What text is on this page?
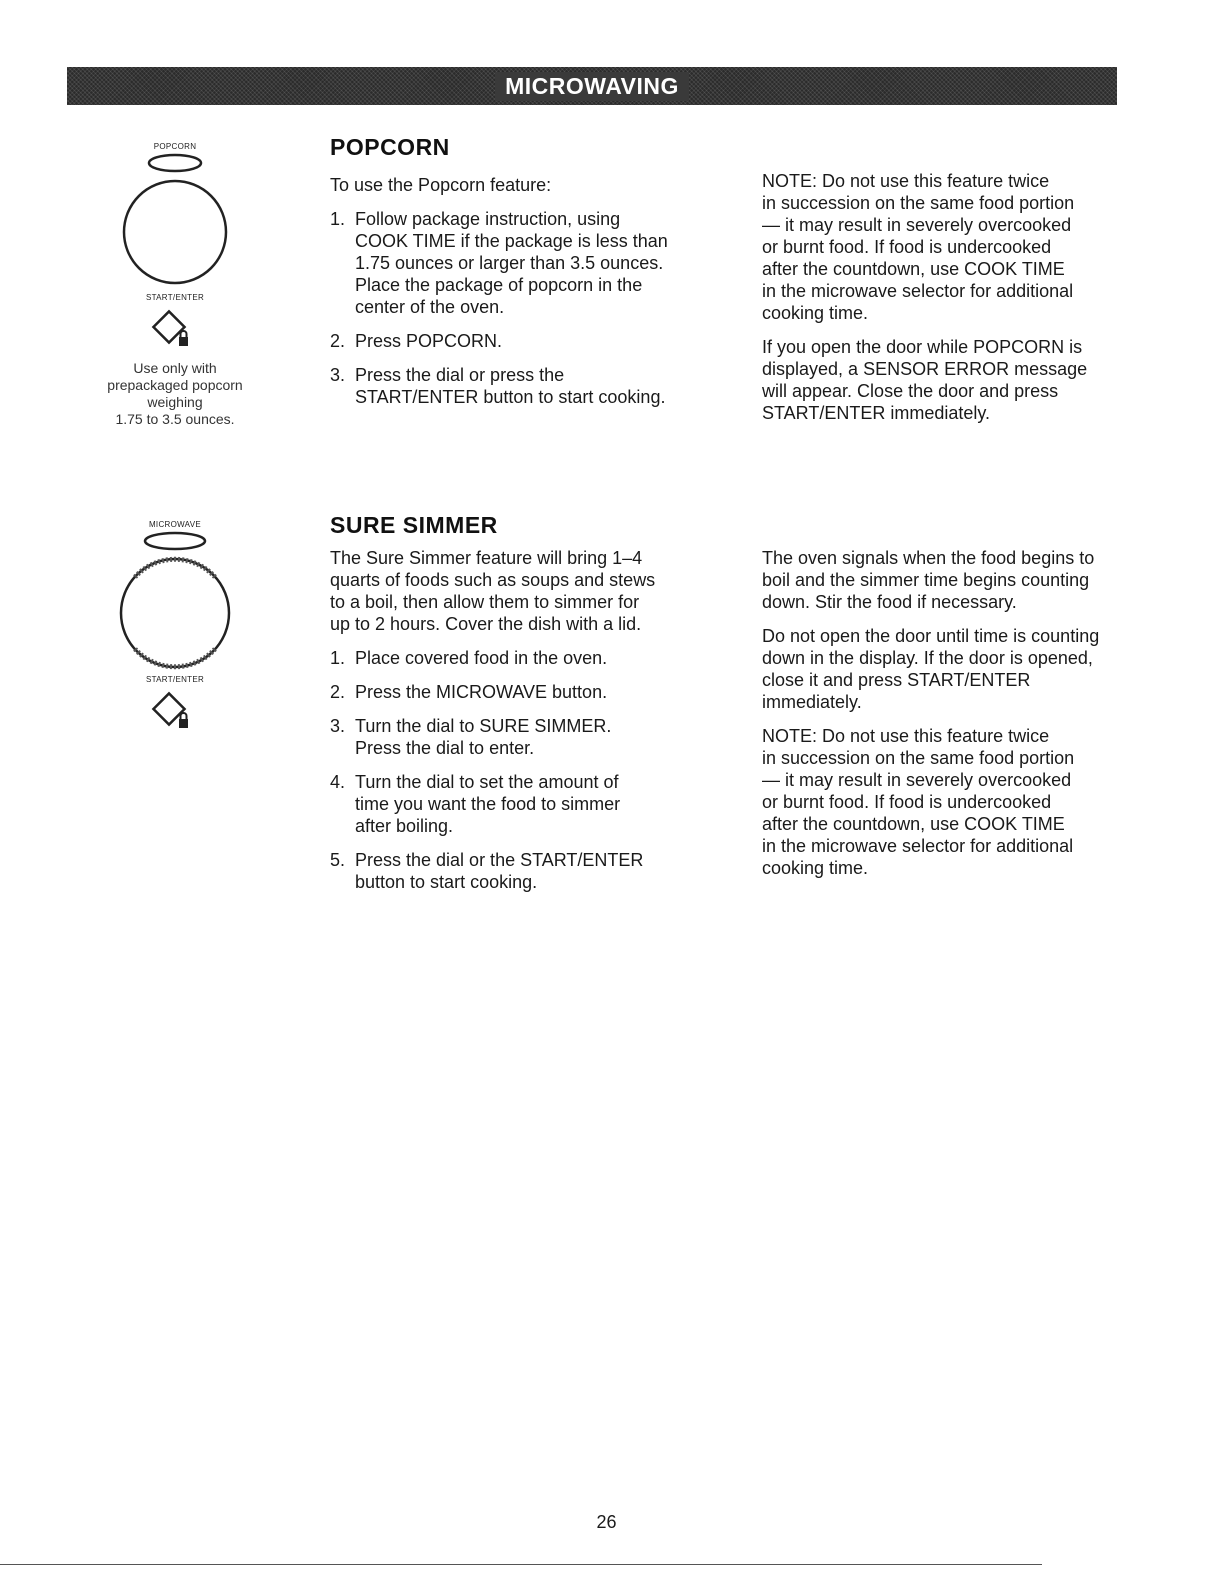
MICROWAVING
POPCORN
START/ENTER
Use only with
prepackaged popcorn
weighing
1.75 to 3.5 ounces.
POPCORN

To use the Popcorn feature:

1. Follow package instruction, using
COOK TIME if the package is less than
1.75 ounces or larger than 3.5 ounces.
Place the package of popcorn in the
center of the oven.
2. Press POPCORN.
3. Press the dial or press the
START/ENTER button to start cooking.

NOTE: Do not use this feature twice
in succession on the same food portion
— it may result in severely overcooked
or burnt food. If food is undercooked
after the countdown, use COOK TIME
in the microwave selector for additional
cooking time.

If you open the door while POPCORN is
displayed, a SENSOR ERROR message
will appear. Close the door and press
START/ENTER immediately.

MICROWAVE
START/ENTER
SURE SIMMER

The Sure Simmer feature will bring 1–4
quarts of foods such as soups and stews
to a boil, then allow them to simmer for
up to 2 hours. Cover the dish with a lid.

1. Place covered food in the oven.
2. Press the MICROWAVE button.
3. Turn the dial to SURE SIMMER.
Press the dial to enter.
4. Turn the dial to set the amount of
time you want the food to simmer
after boiling.
5. Press the dial or the START/ENTER
button to start cooking.

The oven signals when the food begins to
boil and the simmer time begins counting
down. Stir the food if necessary.

Do not open the door until time is counting
down in the display. If the door is opened,
close it and press START/ENTER
immediately.

NOTE: Do not use this feature twice
in succession on the same food portion
— it may result in severely overcooked
or burnt food. If food is undercooked
after the countdown, use COOK TIME
in the microwave selector for additional
cooking time.

26
